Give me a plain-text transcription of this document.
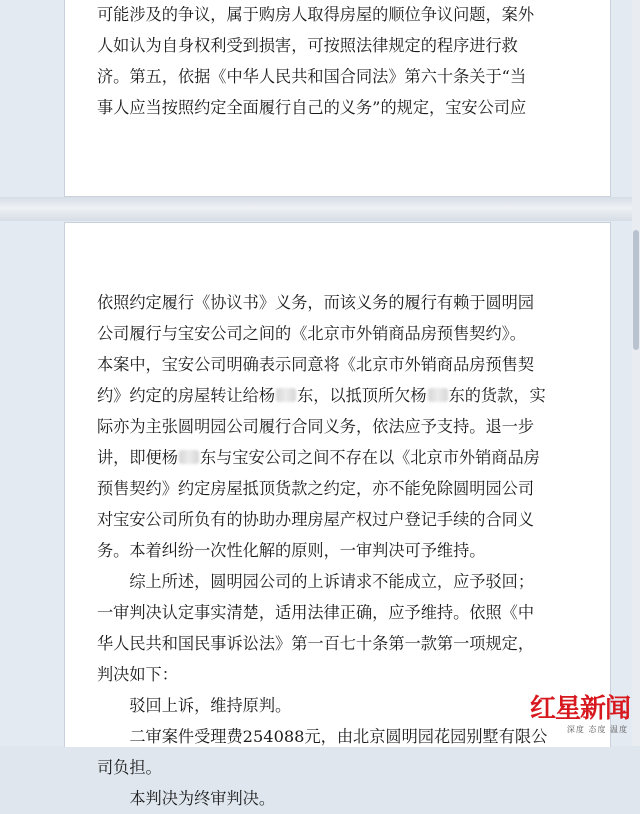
可能涉及的争议，属于购房人取得房屋的顺位争议问题，案外
人如认为自身权利受到损害，可按照法律规定的程序进行救
济。第五，依据《中华人民共和国合同法》第六十条关于“当
事人应当按照约定全面履行自己的义务”的规定，宝安公司应
依照约定履行《协议书》义务，而该义务的履行有赖于圆明园
公司履行与宝安公司之间的《北京市外销商品房预售契约》。
本案中，宝安公司明确表示同意将《北京市外销商品房预售契
约》约定的房屋转让给杨 东，以抵顶所欠杨 东的货款，实
际亦为主张圆明园公司履行合同义务，依法应予支持。退一步
讲，即便杨 东与宝安公司之间不存在以《北京市外销商品房
预售契约》约定房屋抵顶货款之约定，亦不能免除圆明园公司
对宝安公司所负有的协助办理房屋产权过户登记手续的合同义
务。本着纠纷一次性化解的原则，一审判决可予维持。
　　综上所述，圆明园公司的上诉请求不能成立，应予驳回；
一审判决认定事实清楚，适用法律正确，应予维持。依照《中
华人民共和国民事诉讼法》第一百七十条第一款第一项规定，
判决如下：
　　驳回上诉，维持原判。
　　二审案件受理费254088元，由北京圆明园花园别墅有限公
司负担。
　　本判决为终审判决。
红星新闻
深度 态度 温度
